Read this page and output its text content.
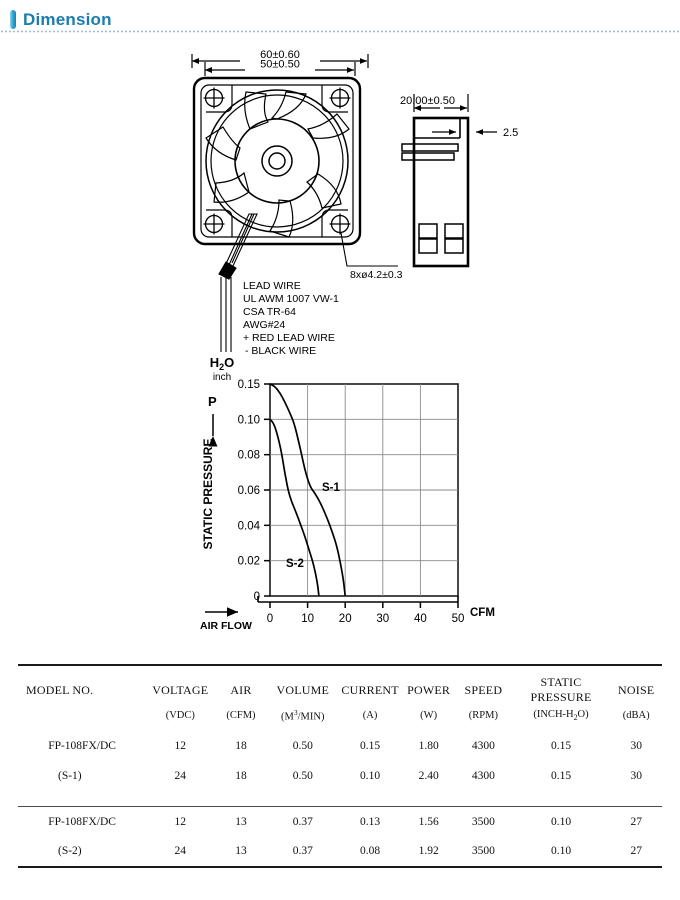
Dimension
60±0.60
50±0.50
20.00±0.50
2.5
8xø4.2±0.3
LEAD WIRE
UL AWM 1007 VW-1
CSA TR-64
AWG#24
+ RED LEAD WIRE
- BLACK WIRE
0.15
0.10
0.08
0.06
0.04
0.02
0
0 10 20 30 40 50
S-1
S-2
$H_2O$
inch
P
STATIC PRESSURE
AIR FLOW
CFM
MODEL NO.	VOLTAGE	AIR	VOLUME	CURRENT	POWER	SPEED	STATIC PRESSURE	NOISE
	(VDC)	(CFM)	$(M^3/MIN)$	(A)	(W)	(RPM)	$(INCH-H_2O)$	(dBA)
FP-108FX/DC	12	18	0.50	0.15	1.80	4300	0.15	30
(S-1)	24	18	0.50	0.10	2.40	4300	0.15	30

FP-108FX/DC	12	13	0.37	0.13	1.56	3500	0.10	27
(S-2)	24	13	0.37	0.08	1.92	3500	0.10	27
